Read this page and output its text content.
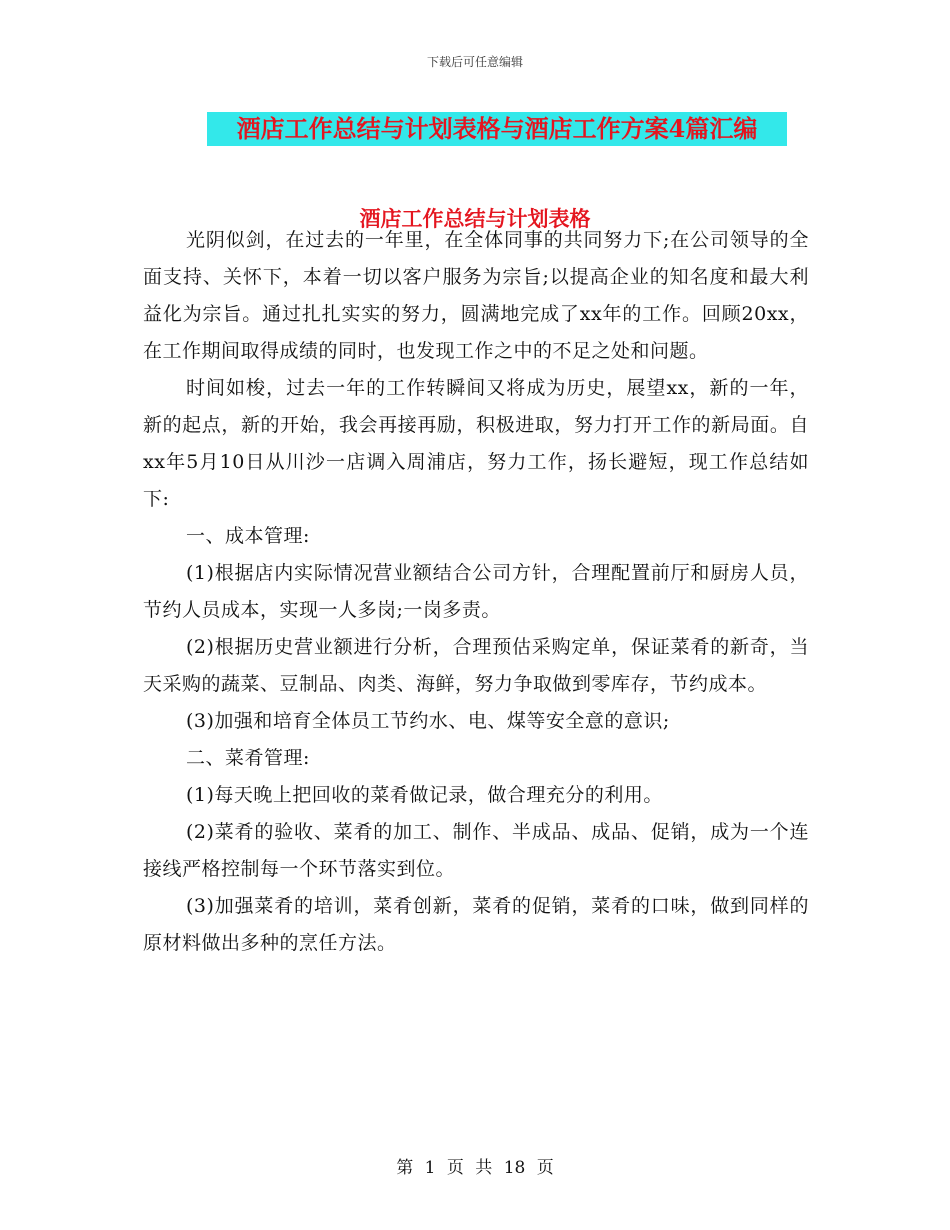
下载后可任意编辑
酒店工作总结与计划表格与酒店工作方案4篇汇编
酒店工作总结与计划表格

光阴似剑，在过去的一年里，在全体同事的共同努力下;在公司领导的全面支持、关怀下，本着一切以客户服务为宗旨;以提高企业的知名度和最大利益化为宗旨。通过扎扎实实的努力，圆满地完成了xx年的工作。回顾20xx，在工作期间取得成绩的同时，也发现工作之中的不足之处和问题。

时间如梭，过去一年的工作转瞬间又将成为历史，展望xx，新的一年，新的起点，新的开始，我会再接再励，积极进取，努力打开工作的新局面。自xx年5月10日从川沙一店调入周浦店，努力工作，扬长避短，现工作总结如下:

一、成本管理:

(1)根据店内实际情况营业额结合公司方针，合理配置前厅和厨房人员，节约人员成本，实现一人多岗;一岗多责。

(2)根据历史营业额进行分析，合理预估采购定单，保证菜肴的新奇，当天采购的蔬菜、豆制品、肉类、海鲜，努力争取做到零库存，节约成本。

(3)加强和培育全体员工节约水、电、煤等安全意的意识;

二、菜肴管理:

(1)每天晚上把回收的菜肴做记录，做合理充分的利用。

(2)菜肴的验收、菜肴的加工、制作、半成品、成品、促销，成为一个连接线严格控制每一个环节落实到位。

(3)加强菜肴的培训，菜肴创新，菜肴的促销，菜肴的口味，做到同样的原材料做出多种的烹任方法。

第 1 页 共 18 页
